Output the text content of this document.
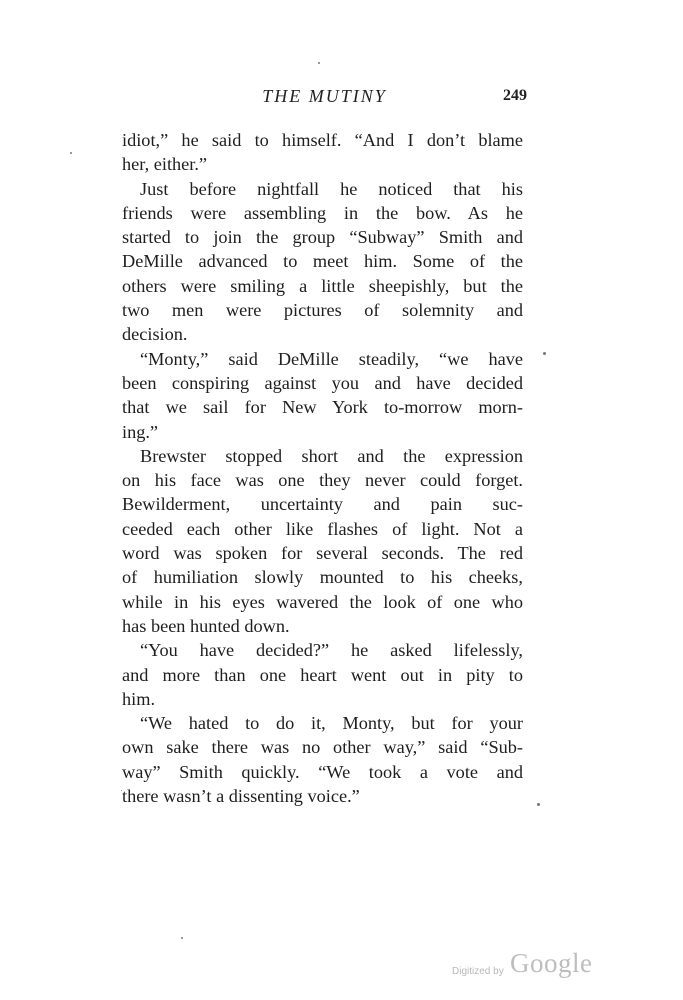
THE MUTINY	249
idiot,” he said to himself. “And I don’t blame
her, either.”
Just before nightfall he noticed that his
friends were assembling in the bow. As he
started to join the group “Subway” Smith and
DeMille advanced to meet him. Some of the
others were smiling a little sheepishly, but the
two men were pictures of solemnity and
decision.
“Monty,” said DeMille steadily, “we have
been conspiring against you and have decided
that we sail for New York to-morrow morn-
ing.”
Brewster stopped short and the expression
on his face was one they never could forget.
Bewilderment, uncertainty and pain suc-
ceeded each other like flashes of light. Not a
word was spoken for several seconds. The red
of humiliation slowly mounted to his cheeks,
while in his eyes wavered the look of one who
has been hunted down.
“You have decided?” he asked lifelessly,
and more than one heart went out in pity to
him.
“We hated to do it, Monty, but for your
own sake there was no other way,” said “Sub-
way” Smith quickly. “We took a vote and
there wasn’t a dissenting voice.”
Digitized by Google
